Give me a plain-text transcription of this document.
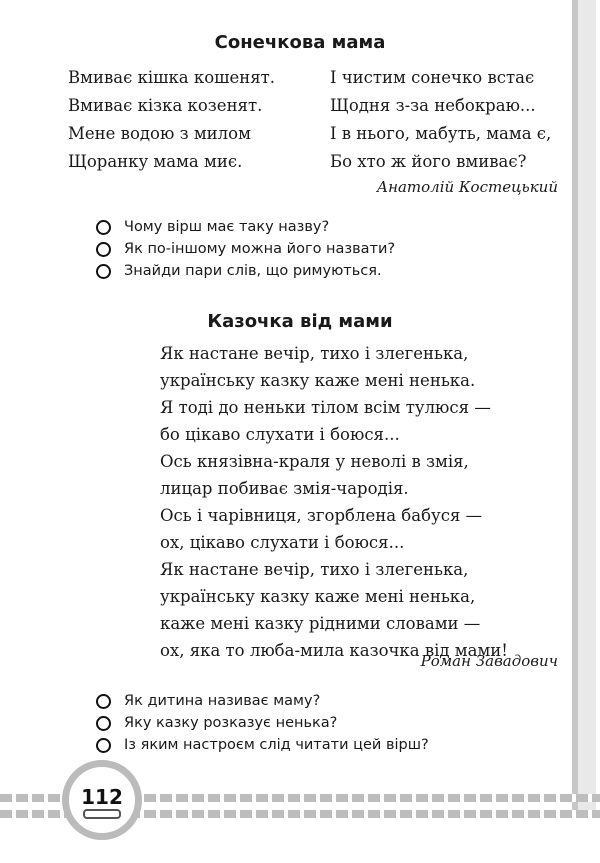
Сонечкова мама
Вмиває кішка кошенят.
Вмиває кізка козенят.
Мене водою з милом
Щоранку мама миє.
І чистим сонечко встає
Щодня з-за небокраю...
І в нього, мабуть, мама є,
Бо хто ж його вмиває?
Анатолій Костецький
Чому вірш має таку назву?
Як по-іншому можна його назвати?
Знайди пари слів, що римуються.
Казочка від мами
Як настане вечір, тихо і злегенька,
українську казку каже мені ненька.
Я тоді до неньки тілом всім тулюся —
бо цікаво слухати і боюся...
Ось князівна-краля у неволі в змія,
лицар побиває змія-чародія.
Ось і чарівниця, згорблена бабуся —
ох, цікаво слухати і боюся...
Як настане вечір, тихо і злегенька,
українську казку каже мені ненька,
каже мені казку рідними словами —
ох, яка то люба-мила казочка від мами!
Роман Завадович
Як дитина називає маму?
Яку казку розказує ненька?
Із яким настроєм слід читати цей вірш?
112
